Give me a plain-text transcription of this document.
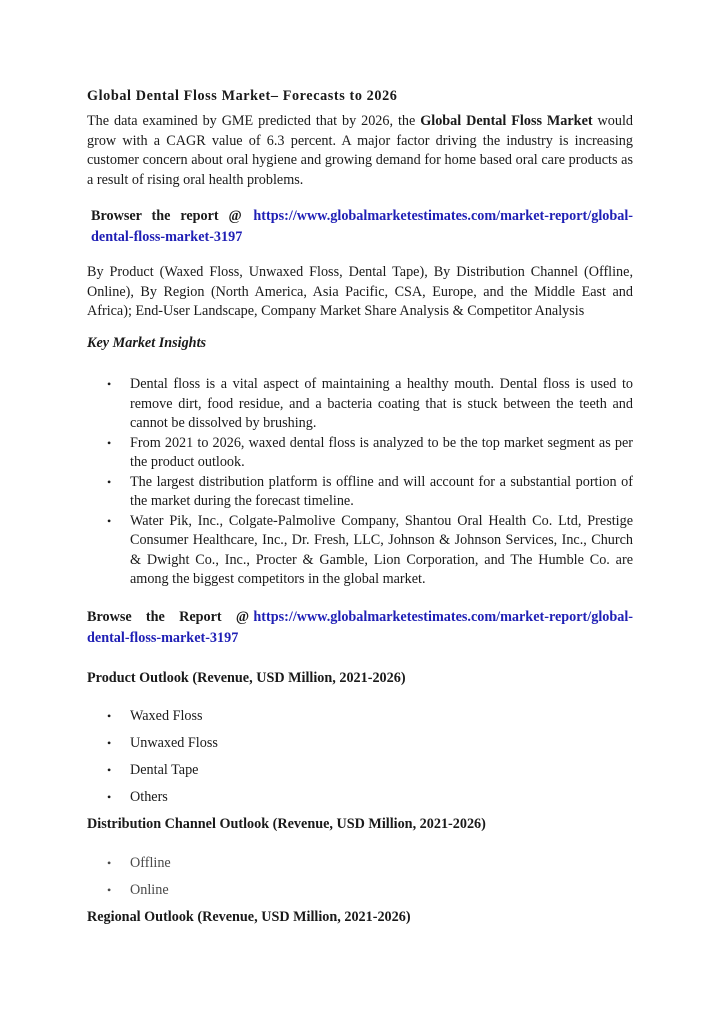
Global Dental Floss Market– Forecasts to 2026

The data examined by GME predicted that by 2026, the Global Dental Floss Market would grow with a CAGR value of 6.3 percent. A major factor driving the industry is increasing customer concern about oral hygiene and growing demand for home based oral care products as a result of rising oral health problems.

Browser the report @ https://www.globalmarketestimates.com/market-report/global-dental-floss-market-3197

By Product (Waxed Floss, Unwaxed Floss, Dental Tape), By Distribution Channel (Offline, Online), By Region (North America, Asia Pacific, CSA, Europe, and the Middle East and Africa); End-User Landscape, Company Market Share Analysis & Competitor Analysis

Key Market Insights

• Dental floss is a vital aspect of maintaining a healthy mouth. Dental floss is used to remove dirt, food residue, and a bacteria coating that is stuck between the teeth and cannot be dissolved by brushing.
• From 2021 to 2026, waxed dental floss is analyzed to be the top market segment as per the product outlook.
• The largest distribution platform is offline and will account for a substantial portion of the market during the forecast timeline.
• Water Pik, Inc., Colgate-Palmolive Company, Shantou Oral Health Co. Ltd, Prestige Consumer Healthcare, Inc., Dr. Fresh, LLC, Johnson & Johnson Services, Inc., Church & Dwight Co., Inc., Procter & Gamble, Lion Corporation, and The Humble Co. are among the biggest competitors in the global market.

Browse the Report @ https://www.globalmarketestimates.com/market-report/global-dental-floss-market-3197

Product Outlook (Revenue, USD Million, 2021-2026)

• Waxed Floss
• Unwaxed Floss
• Dental Tape
• Others

Distribution Channel Outlook (Revenue, USD Million, 2021-2026)

• Offline
• Online

Regional Outlook (Revenue, USD Million, 2021-2026)
